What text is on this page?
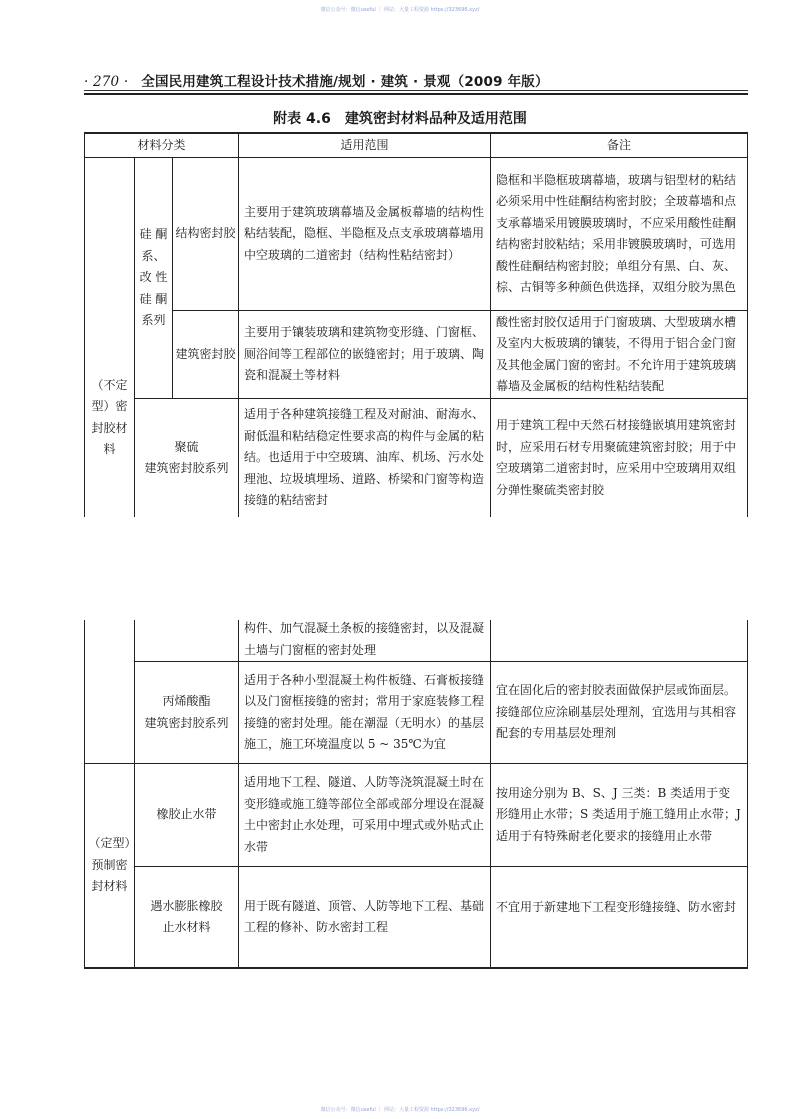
微信公众号：微信useful ｜ 网站：大量工程资源 https://323696.xyz/
· 270 · 全国民用建筑工程设计技术措施/规划 · 建筑 · 景观（2009 年版）
附表 4.6　建筑密封材料品种及适用范围
材料分类	适用范围	备注
（不定型）密封胶材料
硅 酮 系、改 性 硅 酮 系列
结构密封胶
主要用于建筑玻璃幕墙及金属板幕墙的结构性粘结装配，隐框、半隐框及点支承玻璃幕墙用中空玻璃的二道密封（结构性粘结密封）
隐框和半隐框玻璃幕墙，玻璃与铝型材的粘结必须采用中性硅酮结构密封胶；全玻幕墙和点支承幕墙采用镀膜玻璃时，不应采用酸性硅酮结构密封胶粘结；采用非镀膜玻璃时，可选用酸性硅酮结构密封胶；单组分有黑、白、灰、棕、古铜等多种颜色供选择，双组分胶为黑色
建筑密封胶
主要用于镶装玻璃和建筑物变形缝、门窗框、厕浴间等工程部位的嵌缝密封；用于玻璃、陶瓷和混凝土等材料
酸性密封胶仅适用于门窗玻璃、大型玻璃水槽及室内大板玻璃的镶装，不得用于铝合金门窗及其他金属门窗的密封。不允许用于建筑玻璃幕墙及金属板的结构性粘结装配
聚硫
建筑密封胶系列
适用于各种建筑接缝工程及对耐油、耐海水、耐低温和粘结稳定性要求高的构件与金属的粘结。也适用于中空玻璃、油库、机场、污水处理池、垃圾填埋场、道路、桥梁和门窗等构造接缝的粘结密封
用于建筑工程中天然石材接缝嵌填用建筑密封时，应采用石材专用聚硫建筑密封胶；用于中空玻璃第二道密封时，应采用中空玻璃用双组分弹性聚硫类密封胶
构件、加气混凝土条板的接缝密封，以及混凝土墙与门窗框的密封处理
丙烯酸酯
建筑密封胶系列
适用于各种小型混凝土构件板缝、石膏板接缝以及门窗框接缝的密封；常用于家庭装修工程接缝的密封处理。能在潮湿（无明水）的基层施工，施工环境温度以 5 ~ 35℃为宜
宜在固化后的密封胶表面做保护层或饰面层。接缝部位应涂刷基层处理剂，宜选用与其相容配套的专用基层处理剂
（定型）预制密封材料
橡胶止水带
适用地下工程、隧道、人防等浇筑混凝土时在变形缝或施工缝等部位全部或部分埋设在混凝土中密封止水处理，可采用中埋式或外贴式止水带
按用途分别为 B、S、J 三类：B 类适用于变形缝用止水带；S 类适用于施工缝用止水带；J 适用于有特殊耐老化要求的接缝用止水带
遇水膨胀橡胶
止水材料
用于既有隧道、顶管、人防等地下工程、基础工程的修补、防水密封工程
不宜用于新建地下工程变形缝接缝、防水密封
微信公众号：微信useful ｜ 网站：大量工程资源 https://323696.xyz/
